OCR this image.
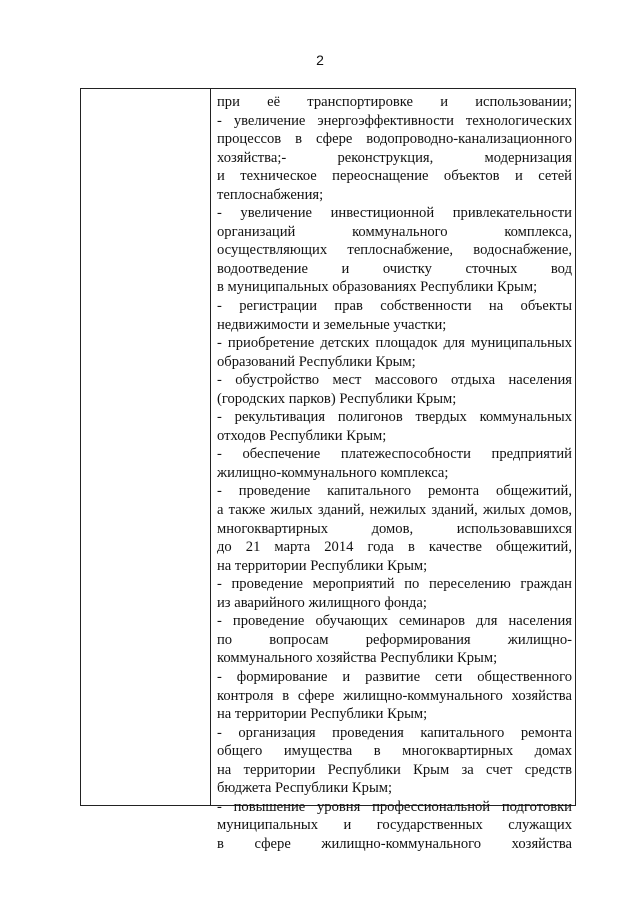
2
при её транспортировке и использовании;
- увеличение энергоэффективности технологических
процессов в сфере водопроводно-канализационного
хозяйства;- реконструкция, модернизация
и техническое переоснащение объектов и сетей
теплоснабжения;
- увеличение инвестиционной привлекательности
организаций коммунального комплекса,
осуществляющих теплоснабжение, водоснабжение,
водоотведение и очистку сточных вод
в муниципальных образованиях Республики Крым;
- регистрации прав собственности на объекты
недвижимости и земельные участки;
- приобретение детских площадок для муниципальных
образований Республики Крым;
- обустройство мест массового отдыха населения
(городских парков) Республики Крым;
- рекультивация полигонов твердых коммунальных
отходов Республики Крым;
- обеспечение платежеспособности предприятий
жилищно-коммунального комплекса;
- проведение капитального ремонта общежитий,
а также жилых зданий, нежилых зданий, жилых домов,
многоквартирных домов, использовавшихся
до 21 марта 2014 года в качестве общежитий,
на территории Республики Крым;
- проведение мероприятий по переселению граждан
из аварийного жилищного фонда;
- проведение обучающих семинаров для населения
по вопросам реформирования жилищно-
коммунального хозяйства Республики Крым;
- формирование и развитие сети общественного
контроля в сфере жилищно-коммунального хозяйства
на территории Республики Крым;
- организация проведения капитального ремонта
общего имущества в многоквартирных домах
на территории Республики Крым за счет средств
бюджета Республики Крым;
- повышение уровня профессиональной подготовки
муниципальных и государственных служащих
в сфере жилищно-коммунального хозяйства
